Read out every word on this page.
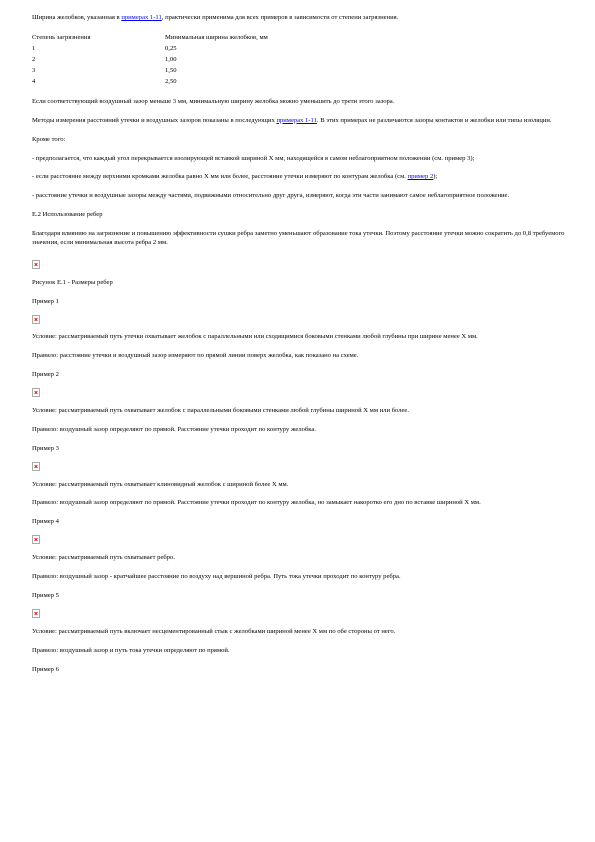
Ширина желобков, указанная в примерах 1-11, практически применима для всех примеров в зависимости от степени загрязнения.

Степень загрязнения	Минимальная ширина желобков, мм
1	0,25
2	1,00
3	1,50
4	2,50

Если соответствующий воздушный зазор меньше 3 мм, минимальную ширину желобка можно уменьшить до трети этого зазора.

Методы измерения расстояний утечки и воздушных зазоров показаны в последующих примерах 1-11. В этих примерах не различаются зазоры контактов и желобки или типы изоляции.

Кроме того:

- предполагается, что каждый угол перекрывается изолирующей вставкой шириной X мм, находящейся в самом неблагоприятном положении (см. пример 3);

- если расстояние между верхними кромками желобка равно X мм или более, расстояние утечки измеряют по контурам желобка (см. пример 2);

- расстояние утечки и воздушные зазоры между частями, подвижными относительно друг друга, измеряют, когда эти части занимают самое неблагоприятное положение.

Е.2 Использование ребер

Благодаря влиянию на загрязнение и повышению эффективности сушки ребра заметно уменьшают образование тока утечки. Поэтому расстояние утечки можно сократить до 0,8 требуемого значения, если минимальная высота ребра 2 мм.

Рисунок Е.1 - Размеры ребер

Пример 1

Условие: рассматриваемый путь утечки охватывает желобок с параллельными или сходящимися боковыми стенками любой глубины при ширине менее X мм.

Правило: расстояние утечки и воздушный зазор измеряют по прямой линии поверх желобка, как показано на схеме.

Пример 2

Условие: рассматриваемый путь охватывает желобок с параллельными боковыми стенками любой глубины шириной X мм или более.

Правило: воздушный зазор определяют по прямой. Расстояние утечки проходит по контуру желобка.

Пример 3

Условие: рассматриваемый путь охватывает клиновидный желобок с шириной более X мм.

Правило: воздушный зазор определяют по прямой. Расстояние утечки проходит по контуру желобка, но замыкает накоротко его дно по вставке шириной X мм.

Пример 4

Условие: рассматриваемый путь охватывает ребро.

Правило: воздушный зазор - кратчайшее расстояние по воздуху над вершиной ребра. Путь тока утечки проходит по контуру ребра.

Пример 5

Условие: рассматриваемый путь включает несцементированный стык с желобками шириной менее X мм по обе стороны от него.

Правило: воздушный зазор и путь тока утечки определяют по прямой.

Пример 6
